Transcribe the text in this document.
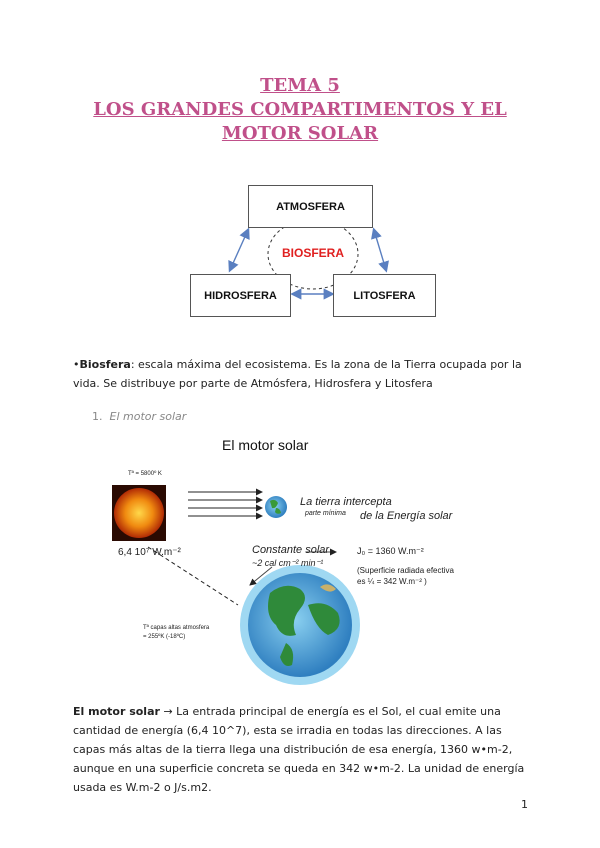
TEMA 5
LOS GRANDES COMPARTIMENTOS Y EL
MOTOR SOLAR
ATMOSFERA
HIDROSFERA	LITOSFERA
BIOSFERA
•Biosfera: escala máxima del ecosistema. Es la zona de la Tierra ocupada por la vida. Se distribuye por parte de Atmósfera, Hidrosfera y Litosfera
1. El motor solar
El motor solar
Tª = 5800º K
6,4 10⁷ W.m⁻²
La tierra intercepta
parte mínima de la Energía solar
Constante solar
~2 cal cm⁻² min⁻¹
J₀ = 1360 W.m⁻²
(Superficie radiada efectiva
es ¼ = 342 W.m⁻² )
Tª capas altas atmosfera
= 255ºK (-18ºC)
El motor solar → La entrada principal de energía es el Sol, el cual emite una cantidad de energía (6,4 10^7), esta se irradia en todas las direcciones. A las capas más altas de la tierra llega una distribución de esa energía, 1360 w•m-2, aunque en una superficie concreta se queda en 342 w•m-2. La unidad de energía usada es W.m-2 o J/s.m2.
1
